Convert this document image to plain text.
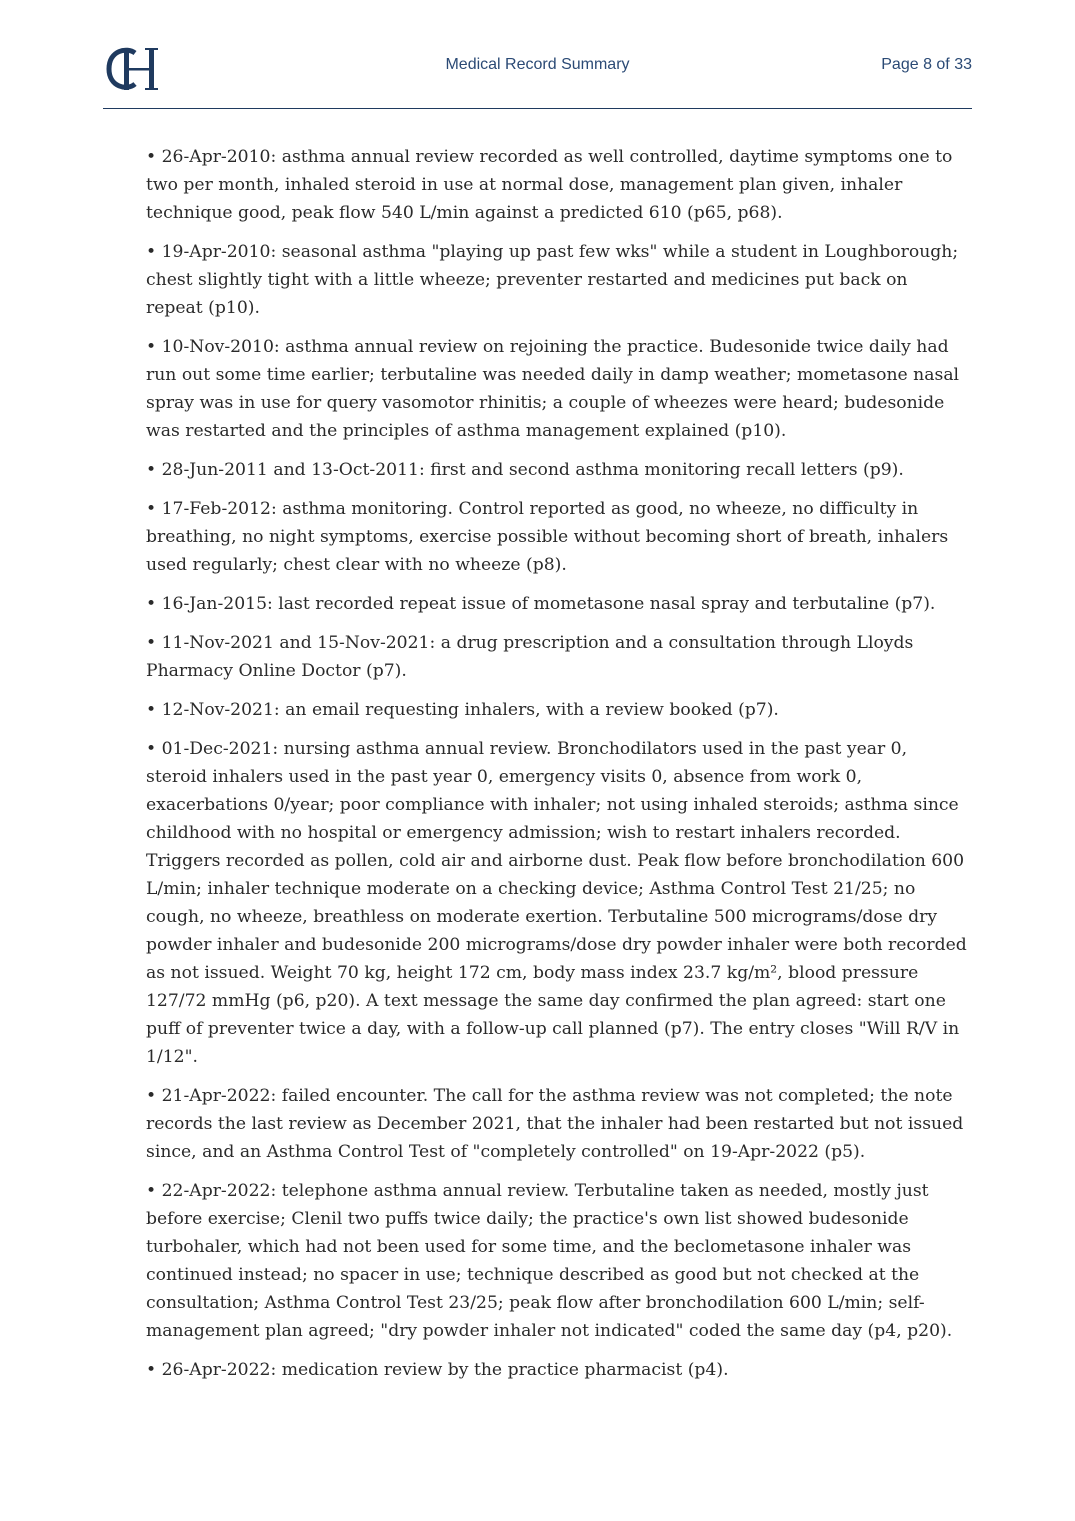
Medical Record Summary	Page 8 of 33

• 26-Apr-2010: asthma annual review recorded as well controlled, daytime symptoms one to two per month, inhaled steroid in use at normal dose, management plan given, inhaler technique good, peak flow 540 L/min against a predicted 610 (p65, p68).

• 19-Apr-2010: seasonal asthma "playing up past few wks" while a student in Loughborough; chest slightly tight with a little wheeze; preventer restarted and medicines put back on repeat (p10).

• 10-Nov-2010: asthma annual review on rejoining the practice. Budesonide twice daily had run out some time earlier; terbutaline was needed daily in damp weather; mometasone nasal spray was in use for query vasomotor rhinitis; a couple of wheezes were heard; budesonide was restarted and the principles of asthma management explained (p10).

• 28-Jun-2011 and 13-Oct-2011: first and second asthma monitoring recall letters (p9).

• 17-Feb-2012: asthma monitoring. Control reported as good, no wheeze, no difficulty in breathing, no night symptoms, exercise possible without becoming short of breath, inhalers used regularly; chest clear with no wheeze (p8).

• 16-Jan-2015: last recorded repeat issue of mometasone nasal spray and terbutaline (p7).

• 11-Nov-2021 and 15-Nov-2021: a drug prescription and a consultation through Lloyds Pharmacy Online Doctor (p7).

• 12-Nov-2021: an email requesting inhalers, with a review booked (p7).

• 01-Dec-2021: nursing asthma annual review. Bronchodilators used in the past year 0, steroid inhalers used in the past year 0, emergency visits 0, absence from work 0, exacerbations 0/year; poor compliance with inhaler; not using inhaled steroids; asthma since childhood with no hospital or emergency admission; wish to restart inhalers recorded. Triggers recorded as pollen, cold air and airborne dust. Peak flow before bronchodilation 600 L/min; inhaler technique moderate on a checking device; Asthma Control Test 21/25; no cough, no wheeze, breathless on moderate exertion. Terbutaline 500 micrograms/dose dry powder inhaler and budesonide 200 micrograms/dose dry powder inhaler were both recorded as not issued. Weight 70 kg, height 172 cm, body mass index 23.7 kg/m², blood pressure 127/72 mmHg (p6, p20). A text message the same day confirmed the plan agreed: start one puff of preventer twice a day, with a follow-up call planned (p7). The entry closes "Will R/V in 1/12".

• 21-Apr-2022: failed encounter. The call for the asthma review was not completed; the note records the last review as December 2021, that the inhaler had been restarted but not issued since, and an Asthma Control Test of "completely controlled" on 19-Apr-2022 (p5).

• 22-Apr-2022: telephone asthma annual review. Terbutaline taken as needed, mostly just before exercise; Clenil two puffs twice daily; the practice's own list showed budesonide turbohaler, which had not been used for some time, and the beclometasone inhaler was continued instead; no spacer in use; technique described as good but not checked at the consultation; Asthma Control Test 23/25; peak flow after bronchodilation 600 L/min; self-management plan agreed; "dry powder inhaler not indicated" coded the same day (p4, p20).

• 26-Apr-2022: medication review by the practice pharmacist (p4).
